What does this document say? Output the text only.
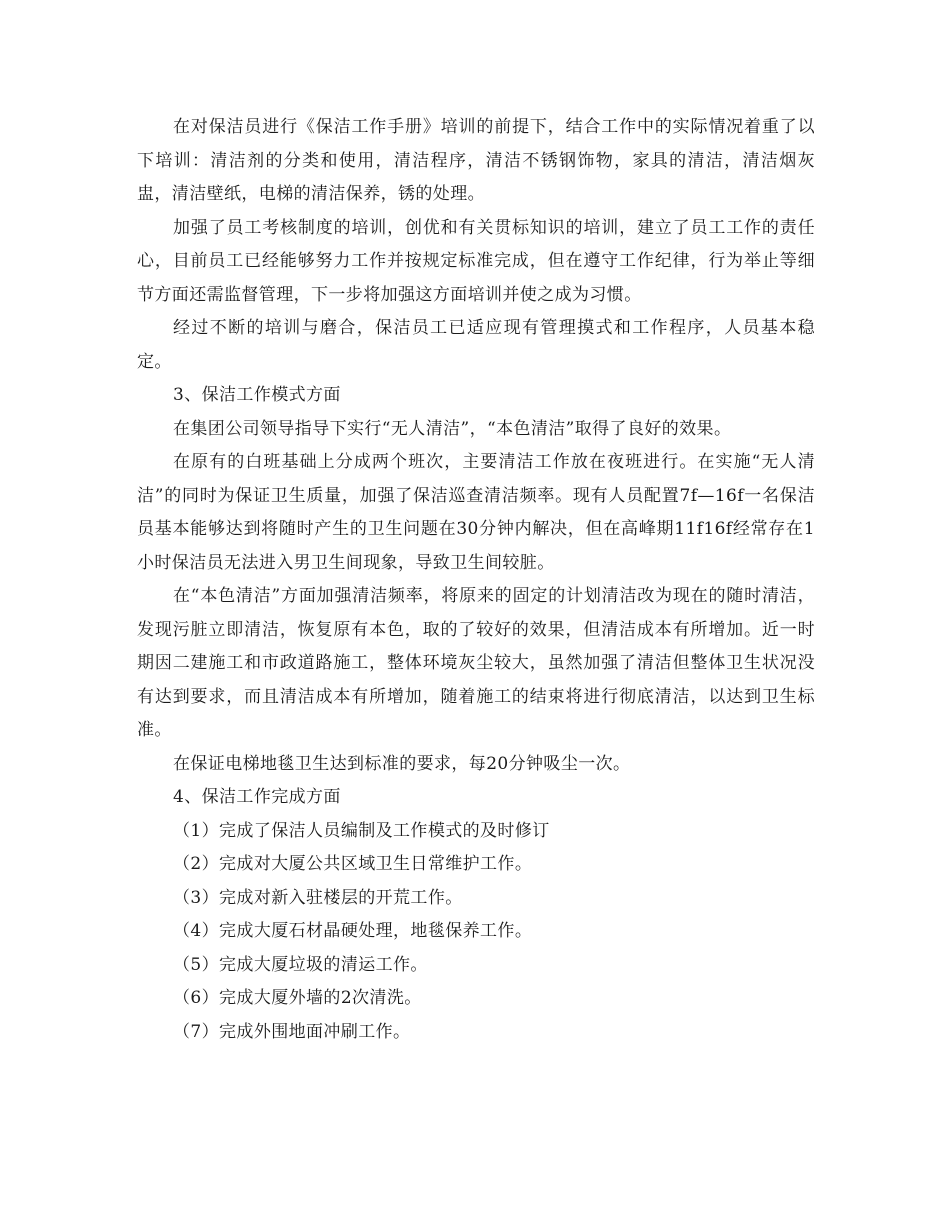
在对保洁员进行《保洁工作手册》培训的前提下，结合工作中的实际情况着重了以下培训：清洁剂的分类和使用，清洁程序，清洁不锈钢饰物，家具的清洁，清洁烟灰盅，清洁壁纸，电梯的清洁保养，锈的处理。

加强了员工考核制度的培训，创优和有关贯标知识的培训，建立了员工工作的责任心，目前员工已经能够努力工作并按规定标准完成，但在遵守工作纪律，行为举止等细节方面还需监督管理，下一步将加强这方面培训并使之成为习惯。

经过不断的培训与磨合，保洁员工已适应现有管理摸式和工作程序，人员基本稳定。

3、保洁工作模式方面

在集团公司领导指导下实行“无人清洁”，“本色清洁”取得了良好的效果。

在原有的白班基础上分成两个班次，主要清洁工作放在夜班进行。在实施“无人清洁”的同时为保证卫生质量，加强了保洁巡查清洁频率。现有人员配置7f—16f一名保洁员基本能够达到将随时产生的卫生问题在30分钟内解决，但在高峰期11f16f经常存在1小时保洁员无法进入男卫生间现象，导致卫生间较脏。

在“本色清洁”方面加强清洁频率，将原来的固定的计划清洁改为现在的随时清洁，发现污脏立即清洁，恢复原有本色，取的了较好的效果，但清洁成本有所增加。近一时期因二建施工和市政道路施工，整体环境灰尘较大，虽然加强了清洁但整体卫生状况没有达到要求，而且清洁成本有所增加，随着施工的结束将进行彻底清洁，以达到卫生标准。

在保证电梯地毯卫生达到标准的要求，每20分钟吸尘一次。

4、保洁工作完成方面

（1）完成了保洁人员编制及工作模式的及时修订

（2）完成对大厦公共区域卫生日常维护工作。

（3）完成对新入驻楼层的开荒工作。

（4）完成大厦石材晶硬处理，地毯保养工作。

（5）完成大厦垃圾的清运工作。

（6）完成大厦外墙的2次清洗。

（7）完成外围地面冲刷工作。
